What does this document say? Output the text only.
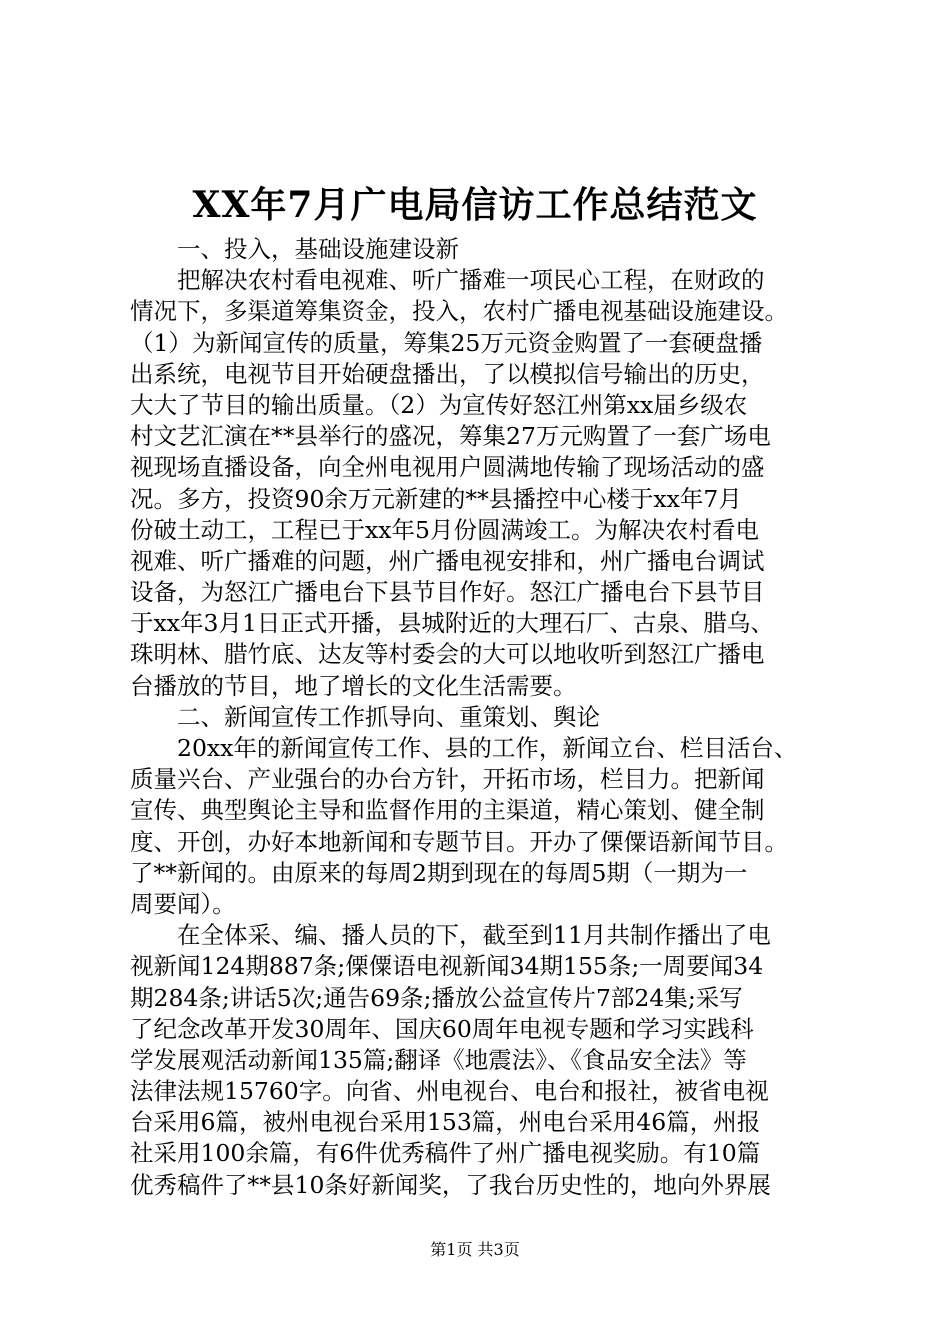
XX年7月广电局信访工作总结范文
　　一、投入，基础设施建设新
　　把解决农村看电视难、听广播难一项民心工程，在财政的
情况下，多渠道筹集资金，投入，农村广播电视基础设施建设。
（1）为新闻宣传的质量，筹集25万元资金购置了一套硬盘播
出系统，电视节目开始硬盘播出，了以模拟信号输出的历史，
大大了节目的输出质量。（2）为宣传好怒江州第xx届乡级农
村文艺汇演在**县举行的盛况，筹集27万元购置了一套广场电
视现场直播设备，向全州电视用户圆满地传输了现场活动的盛
况。多方，投资90余万元新建的**县播控中心楼于xx年7月
份破土动工，工程已于xx年5月份圆满竣工。为解决农村看电
视难、听广播难的问题，州广播电视安排和，州广播电台调试
设备，为怒江广播电台下县节目作好。怒江广播电台下县节目
于xx年3月1日正式开播，县城附近的大理石厂、古泉、腊乌、
珠明林、腊竹底、达友等村委会的大可以地收听到怒江广播电
台播放的节目，地了增长的文化生活需要。
　　二、新闻宣传工作抓导向、重策划、舆论
　　20xx年的新闻宣传工作、县的工作，新闻立台、栏目活台、
质量兴台、产业强台的办台方针，开拓市场，栏目力。把新闻
宣传、典型舆论主导和监督作用的主渠道，精心策划、健全制
度、开创，办好本地新闻和专题节目。开办了傈僳语新闻节目。
了**新闻的。由原来的每周2期到现在的每周5期（一期为一
周要闻）。
　　在全体采、编、播人员的下，截至到11月共制作播出了电
视新闻124期887条;傈僳语电视新闻34期155条;一周要闻34
期284条;讲话5次;通告69条;播放公益宣传片7部24集;采写
了纪念改革开发30周年、国庆60周年电视专题和学习实践科
学发展观活动新闻135篇;翻译《地震法》、《食品安全法》等
法律法规15760字。向省、州电视台、电台和报社，被省电视
台采用6篇，被州电视台采用153篇，州电台采用46篇，州报
社采用100余篇，有6件优秀稿件了州广播电视奖励。有10篇
优秀稿件了**县10条好新闻奖，了我台历史性的，地向外界展
第1页 共3页
